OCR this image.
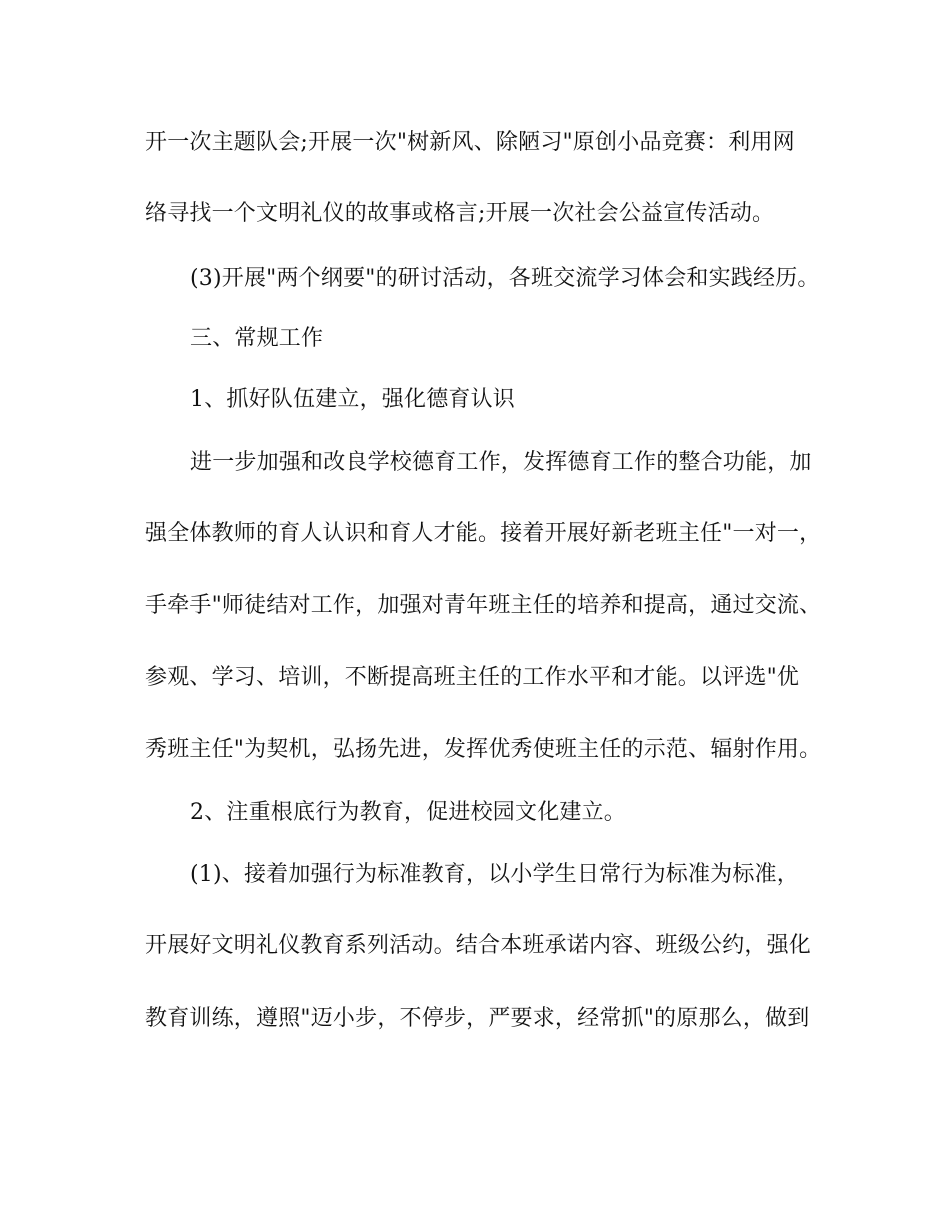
开一次主题队会;开展一次"树新风、除陋习"原创小品竞赛：利用网
络寻找一个文明礼仪的故事或格言;开展一次社会公益宣传活动。
(3)开展"两个纲要"的研讨活动，各班交流学习体会和实践经历。
三、常规工作
1、抓好队伍建立，强化德育认识
进一步加强和改良学校德育工作，发挥德育工作的整合功能，加
强全体教师的育人认识和育人才能。接着开展好新老班主任"一对一，
手牵手"师徒结对工作，加强对青年班主任的培养和提高，通过交流、
参观、学习、培训，不断提高班主任的工作水平和才能。以评选"优
秀班主任"为契机，弘扬先进，发挥优秀使班主任的示范、辐射作用。
2、注重根底行为教育，促进校园文化建立。
(1)、接着加强行为标准教育，以小学生日常行为标准为标准，
开展好文明礼仪教育系列活动。结合本班承诺内容、班级公约，强化
教育训练，遵照"迈小步，不停步，严要求，经常抓"的原那么，做到
